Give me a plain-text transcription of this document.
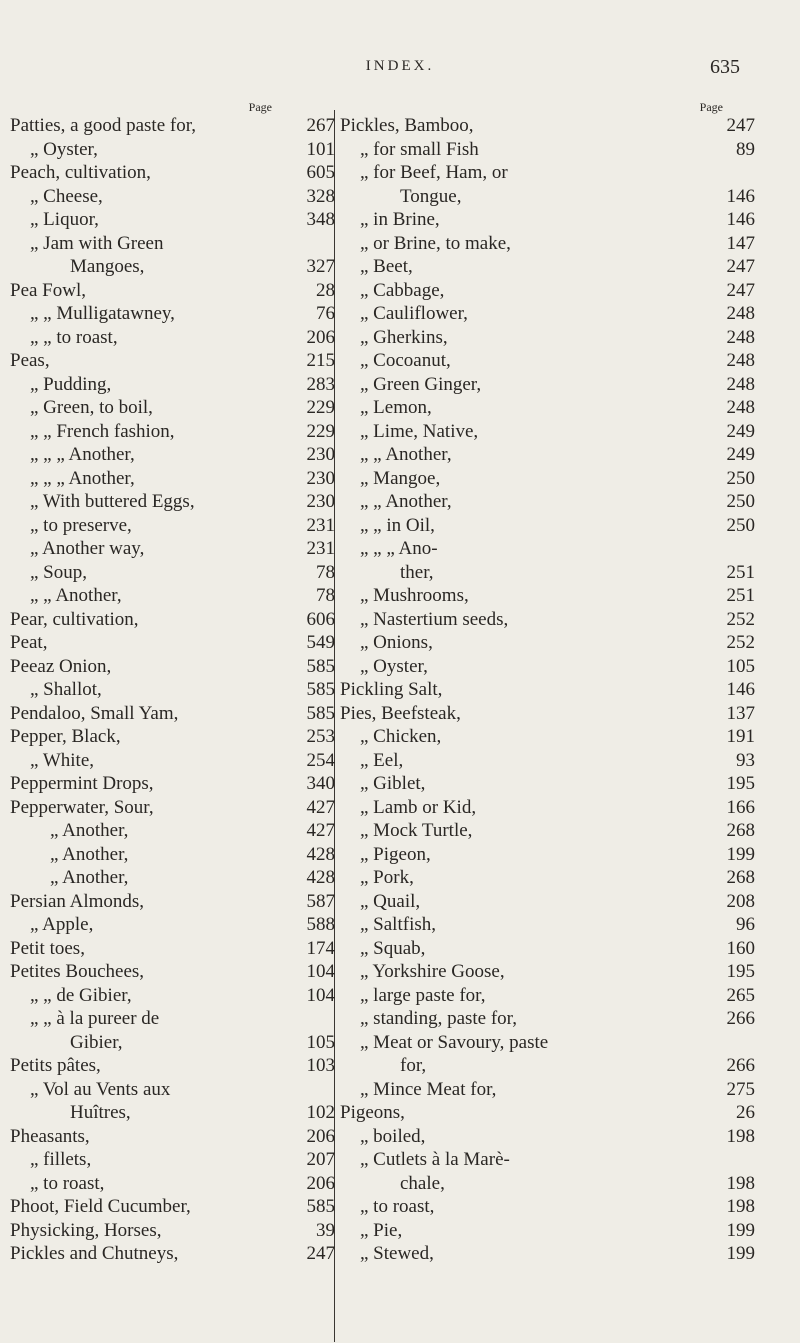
INDEX.	635
Page
Patties, a good paste for,	267
„ Oyster,	101
Peach, cultivation,	605
„ Cheese,	328
„ Liquor,	348
„ Jam with Green
Mangoes,	327
Pea Fowl,	28
„ „ Mulligatawney,	76
„ „ to roast,	206
Peas,	215
„ Pudding,	283
„ Green, to boil,	229
„ „ French fashion,	229
„ „ „ Another,	230
„ „ „ Another,	230
„ With buttered Eggs,	230
„ to preserve,	231
„ Another way,	231
„ Soup,	78
„ „ Another,	78
Pear, cultivation,	606
Peat,	549
Peeaz Onion,	585
„ Shallot,	585
Pendaloo, Small Yam,	585
Pepper, Black,	253
„ White,	254
Peppermint Drops,	340
Pepperwater, Sour,	427
„ Another,	427
„ Another,	428
„ Another,	428
Persian Almonds,	587
„ Apple,	588
Petit toes,	174
Petites Bouchees,	104
„ „ de Gibier,	104
„ „ à la pureer de
Gibier,	105
Petits pâtes,	103
„ Vol au Vents aux
Huîtres,	102
Pheasants,	206
„ fillets,	207
„ to roast,	206
Phoot, Field Cucumber,	585
Physicking, Horses,	39
Pickles and Chutneys,	247
Page
Pickles, Bamboo,	247
„ for small Fish	89
„ for Beef, Ham, or
Tongue,	146
„ in Brine,	146
„ or Brine, to make,	147
„ Beet,	247
„ Cabbage,	247
„ Cauliflower,	248
„ Gherkins,	248
„ Cocoanut,	248
„ Green Ginger,	248
„ Lemon,	248
„ Lime, Native,	249
„ „ Another,	249
„ Mangoe,	250
„ „ Another,	250
„ „ in Oil,	250
„ „ „ Ano-
ther,	251
„ Mushrooms,	251
„ Nastertium seeds,	252
„ Onions,	252
„ Oyster,	105
Pickling Salt,	146
Pies, Beefsteak,	137
„ Chicken,	191
„ Eel,	93
„ Giblet,	195
„ Lamb or Kid,	166
„ Mock Turtle,	268
„ Pigeon,	199
„ Pork,	268
„ Quail,	208
„ Saltfish,	96
„ Squab,	160
„ Yorkshire Goose,	195
„ large paste for,	265
„ standing, paste for,	266
„ Meat or Savoury, paste
for,	266
„ Mince Meat for,	275
Pigeons,	26
„ boiled,	198
„ Cutlets à la Marè-
chale,	198
„ to roast,	198
„ Pie,	199
„ Stewed,	199
